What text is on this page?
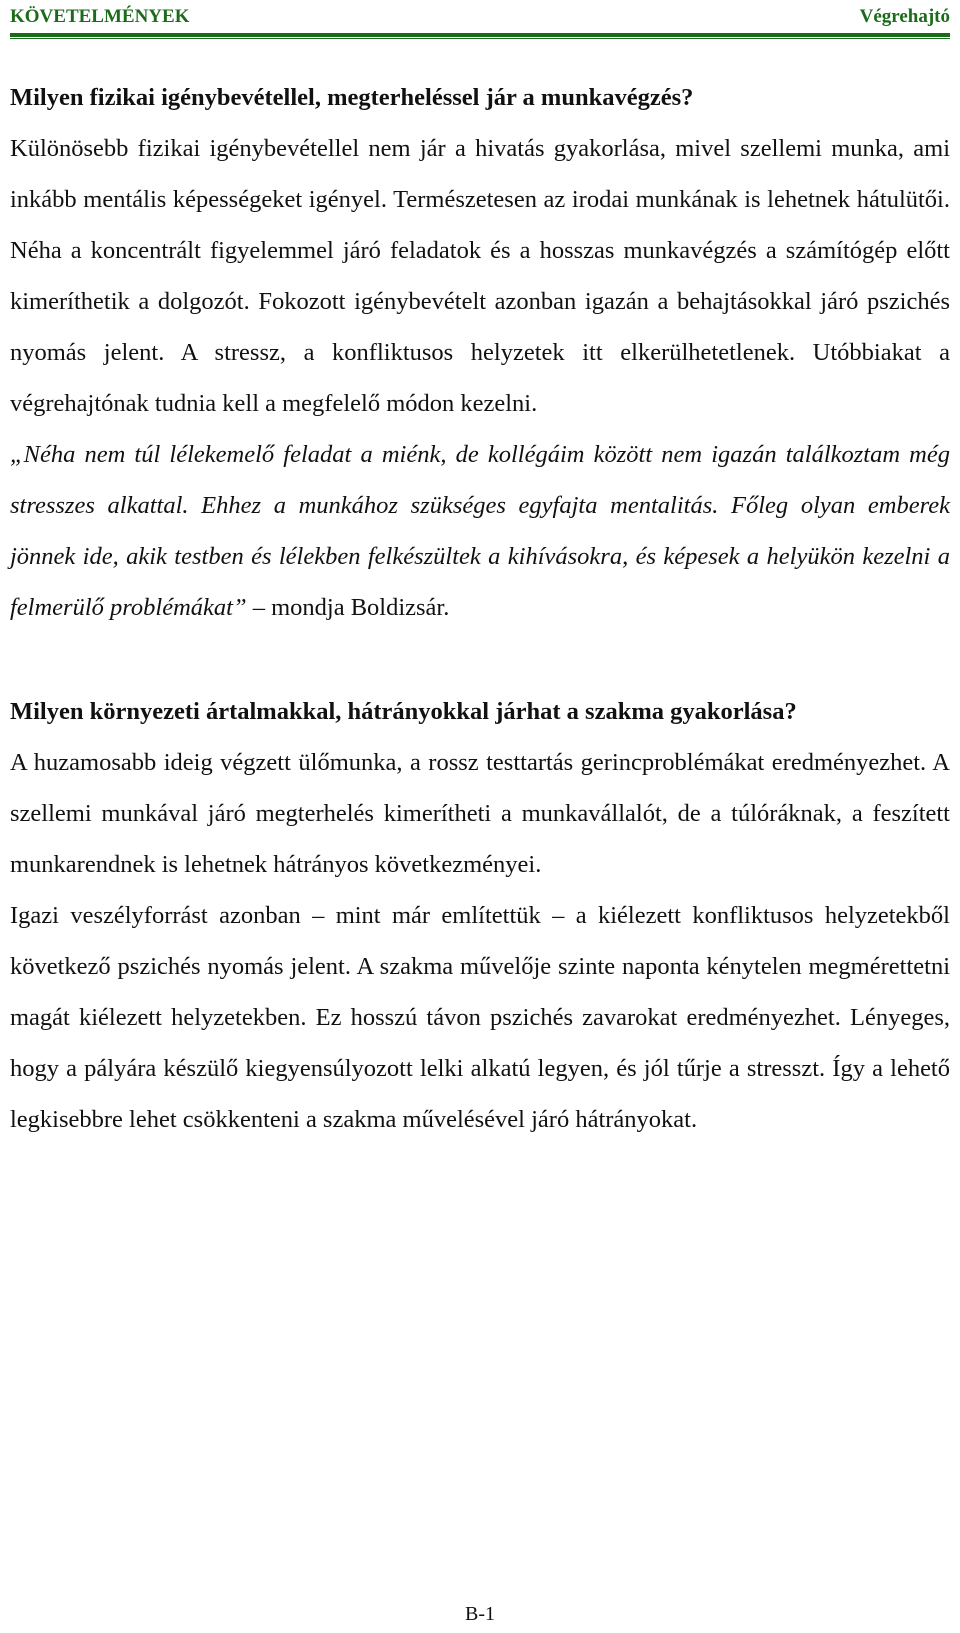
KÖVETELMÉNYEK	Végrehajtó

Milyen fizikai igénybevétellel, megterheléssel jár a munkavégzés?

Különösebb fizikai igénybevétellel nem jár a hivatás gyakorlása, mivel szellemi munka, ami inkább mentális képességeket igényel. Természetesen az irodai munkának is lehetnek hátulütői. Néha a koncentrált figyelemmel járó feladatok és a hosszas munkavégzés a számítógép előtt kimeríthetik a dolgozót. Fokozott igénybevételt azonban igazán a behajtásokkal járó pszichés nyomás jelent. A stressz, a konfliktusos helyzetek itt elkerülhetetlenek. Utóbbiakat a végrehajtónak tudnia kell a megfelelő módon kezelni.

„Néha nem túl lélekemelő feladat a miénk, de kollégáim között nem igazán találkoztam még stresszes alkattal. Ehhez a munkához szükséges egyfajta mentalitás. Főleg olyan emberek jönnek ide, akik testben és lélekben felkészültek a kihívásokra, és képesek a helyükön kezelni a felmerülő problémákat” – mondja Boldizsár.

Milyen környezeti ártalmakkal, hátrányokkal járhat a szakma gyakorlása?

A huzamosabb ideig végzett ülőmunka, a rossz testtartás gerincproblémákat eredményezhet. A szellemi munkával járó megterhelés kimerítheti a munkavállalót, de a túlóráknak, a feszített munkarendnek is lehetnek hátrányos következményei.

Igazi veszélyforrást azonban – mint már említettük – a kiélezett konfliktusos helyzetekből következő pszichés nyomás jelent. A szakma művelője szinte naponta kénytelen megmérettetni magát kiélezett helyzetekben. Ez hosszú távon pszichés zavarokat eredményezhet. Lényeges, hogy a pályára készülő kiegyensúlyozott lelki alkatú legyen, és jól tűrje a stresszt. Így a lehető legkisebbre lehet csökkenteni a szakma művelésével járó hátrányokat.

B-1
